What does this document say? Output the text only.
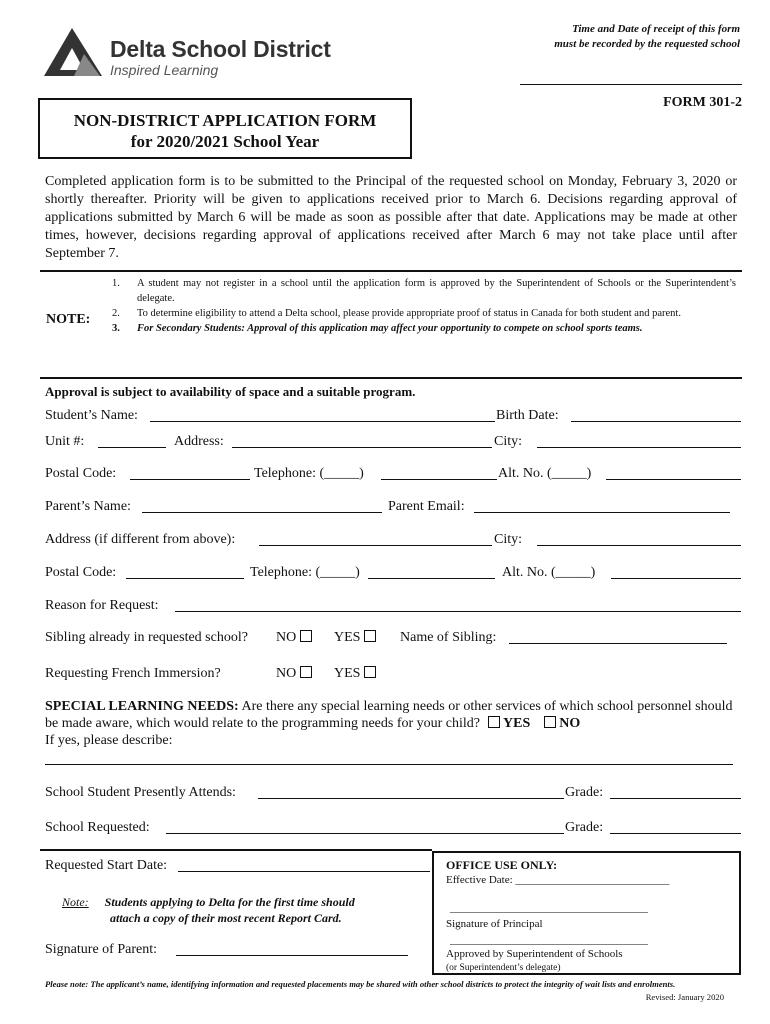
Delta School District
Inspired Learning
Time and Date of receipt of this form
must be recorded by the requested school
FORM 301-2
NON-DISTRICT APPLICATION FORM
for 2020/2021 School Year
Completed application form is to be submitted to the Principal of the requested school on Monday, February 3, 2020 or shortly thereafter. Priority will be given to applications received prior to March 6. Decisions regarding approval of applications submitted by March 6 will be made as soon as possible after that date. Applications may be made at other times, however, decisions regarding approval of applications received after March 6 may not take place until after September 7.
NOTE:
1. A student may not register in a school until the application form is approved by the Superintendent of Schools or the Superintendent’s delegate.
2. To determine eligibility to attend a Delta school, please provide appropriate proof of status in Canada for both student and parent.
3. For Secondary Students: Approval of this application may affect your opportunity to compete on school sports teams.
Approval is subject to availability of space and a suitable program.
Student’s Name:	Birth Date:
Unit #:	Address:	City:
Postal Code:	Telephone: (_____)	Alt. No. (_____)
Parent’s Name:	Parent Email:
Address (if different from above):	City:
Postal Code:	Telephone: (_____)	Alt. No. (_____)
Reason for Request:
Sibling already in requested school? NO	YES	Name of Sibling:
Requesting French Immersion?	NO	YES
SPECIAL LEARNING NEEDS: Are there any special learning needs or other services of which school personnel should be made aware, which would relate to the programming needs for your child? YES NO
If yes, please describe:
School Student Presently Attends:	Grade:
School Requested:	Grade:
Requested Start Date:
Note: Students applying to Delta for the first time should
attach a copy of their most recent Report Card.
Signature of Parent:
OFFICE USE ONLY:
Effective Date: ____________________________
____________________________________
Signature of Principal
____________________________________
Approved by Superintendent of Schools
(or Superintendent’s delegate)
Please note: The applicant’s name, identifying information and requested placements may be shared with other school districts to protect the integrity of wait lists and enrolments.
Revised: January 2020
